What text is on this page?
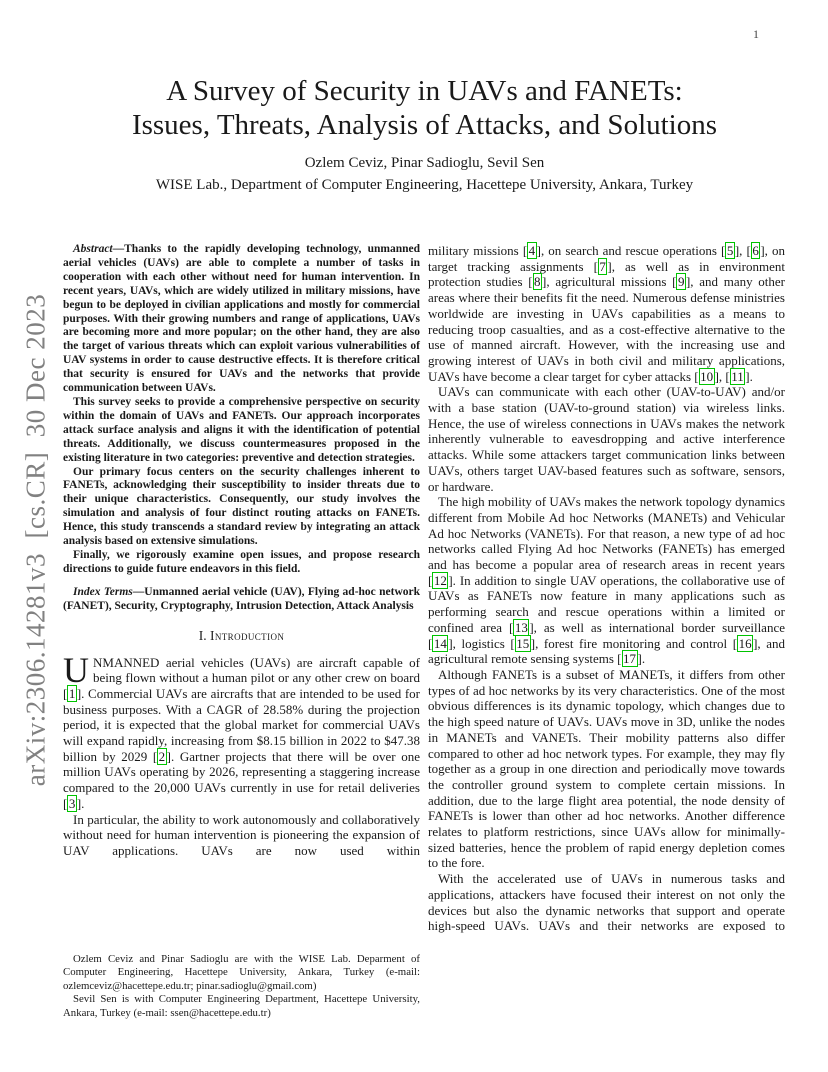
1
arXiv:2306.14281v3  [cs.CR]  30 Dec 2023
A Survey of Security in UAVs and FANETs:
Issues, Threats, Analysis of Attacks, and Solutions
Ozlem Ceviz, Pinar Sadioglu, Sevil Sen
WISE Lab., Department of Computer Engineering, Hacettepe University, Ankara, Turkey

Abstract—Thanks to the rapidly developing technology, unmanned aerial vehicles (UAVs) are able to complete a number of tasks in cooperation with each other without need for human intervention. In recent years, UAVs, which are widely utilized in military missions, have begun to be deployed in civilian applications and mostly for commercial purposes. With their growing numbers and range of applications, UAVs are becoming more and more popular; on the other hand, they are also the target of various threats which can exploit various vulnerabilities of UAV systems in order to cause destructive effects. It is therefore critical that security is ensured for UAVs and the networks that provide communication between UAVs.

This survey seeks to provide a comprehensive perspective on security within the domain of UAVs and FANETs. Our approach incorporates attack surface analysis and aligns it with the identification of potential threats. Additionally, we discuss countermeasures proposed in the existing literature in two categories: preventive and detection strategies.

Our primary focus centers on the security challenges inherent to FANETs, acknowledging their susceptibility to insider threats due to their unique characteristics. Consequently, our study involves the simulation and analysis of four distinct routing attacks on FANETs. Hence, this study transcends a standard review by integrating an attack analysis based on extensive simulations.

Finally, we rigorously examine open issues, and propose research directions to guide future endeavors in this field.

Index Terms—Unmanned aerial vehicle (UAV), Flying ad-hoc network (FANET), Security, Cryptography, Intrusion Detection, Attack Analysis

I. Introduction

UNMANNED aerial vehicles (UAVs) are aircraft capable of being flown without a human pilot or any other crew on board [ 1 ]. Commercial UAVs are aircrafts that are intended to be used for business purposes. With a CAGR of 28.58% during the projection period, it is expected that the global market for commercial UAVs will expand rapidly, increasing from $8.15 billion in 2022 to $47.38 billion by 2029 [ 2 ]. Gartner projects that there will be over one million UAVs operating by 2026, representing a staggering increase compared to the 20,000 UAVs currently in use for retail deliveries [ 3 ].

In particular, the ability to work autonomously and collaboratively without need for human intervention is pioneering the expansion of UAV applications. UAVs are now used within

military missions [ 4 ], on search and rescue operations [ 5 ], [ 6 ], on target tracking assignments [ 7 ], as well as in environment protection studies [ 8 ], agricultural missions [ 9 ], and many other areas where their benefits fit the need. Numerous defense ministries worldwide are investing in UAVs capabilities as a means to reducing troop casualties, and as a cost-effective alternative to the use of manned aircraft. However, with the increasing use and growing interest of UAVs in both civil and military applications, UAVs have become a clear target for cyber attacks [ 10 ], [ 11 ].

UAVs can communicate with each other (UAV-to-UAV) and/or with a base station (UAV-to-ground station) via wireless links. Hence, the use of wireless connections in UAVs makes the network inherently vulnerable to eavesdropping and active interference attacks. While some attackers target communication links between UAVs, others target UAV-based features such as software, sensors, or hardware.

The high mobility of UAVs makes the network topology dynamics different from Mobile Ad hoc Networks (MANETs) and Vehicular Ad hoc Networks (VANETs). For that reason, a new type of ad hoc networks called Flying Ad hoc Networks (FANETs) has emerged and has become a popular area of research areas in recent years [ 12 ]. In addition to single UAV operations, the collaborative use of UAVs as FANETs now feature in many applications such as performing search and rescue operations within a limited or confined area [ 13 ], as well as international border surveillance [ 14 ], logistics [ 15 ], forest fire monitoring and control [ 16 ], and agricultural remote sensing systems [ 17 ].

Although FANETs is a subset of MANETs, it differs from other types of ad hoc networks by its very characteristics. One of the most obvious differences is its dynamic topology, which changes due to the high speed nature of UAVs. UAVs move in 3D, unlike the nodes in MANETs and VANETs. Their mobility patterns also differ compared to other ad hoc network types. For example, they may fly together as a group in one direction and periodically move towards the controller ground system to complete certain missions. In addition, due to the large flight area potential, the node density of FANETs is lower than other ad hoc networks. Another difference relates to platform restrictions, since UAVs allow for minimally-sized batteries, hence the problem of rapid energy depletion comes to the fore.

With the accelerated use of UAVs in numerous tasks and applications, attackers have focused their interest on not only the devices but also the dynamic networks that support and operate high-speed UAVs. UAVs and their networks are exposed to

Ozlem Ceviz and Pinar Sadioglu are with the WISE Lab. Deparment of Computer Engineering, Hacettepe University, Ankara, Turkey (e-mail: ozlemceviz@hacettepe.edu.tr; pinar.sadioglu@gmail.com)

Sevil Sen is with Computer Engineering Department, Hacettepe University, Ankara, Turkey (e-mail: ssen@hacettepe.edu.tr)
